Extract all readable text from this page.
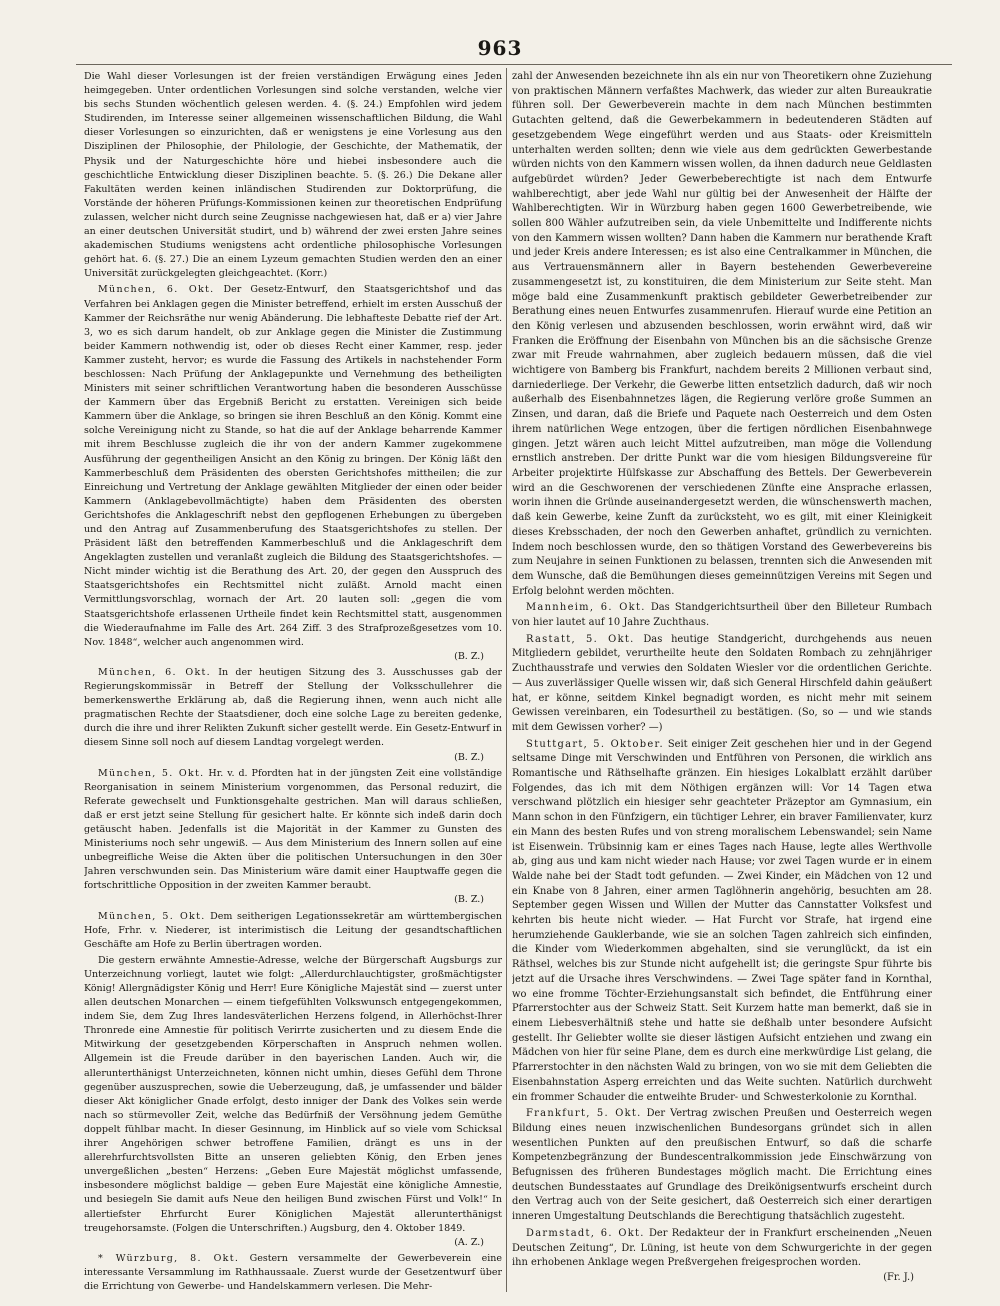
963

Die Wahl dieser Vorlesungen ist der freien verständigen Erwägung eines Jeden heimgegeben. Unter ordentlichen Vorlesungen sind solche verstanden, welche vier bis sechs Stunden wöchentlich gelesen werden. 4. (§. 24.) Empfohlen wird jedem Studirenden, im Interesse seiner allgemeinen wissenschaftlichen Bildung, die Wahl dieser Vorlesungen so einzurichten, daß er wenigstens je eine Vorlesung aus den Disziplinen der Philosophie, der Philologie, der Geschichte, der Mathematik, der Physik und der Naturgeschichte höre und hiebei insbesondere auch die geschichtliche Entwicklung dieser Disziplinen beachte. 5. (§. 26.) Die Dekane aller Fakultäten werden keinen inländischen Studirenden zur Doktorprüfung, die Vorstände der höheren Prüfungs-Kommissionen keinen zur theoretischen Endprüfung zulassen, welcher nicht durch seine Zeugnisse nachgewiesen hat, daß er a) vier Jahre an einer deutschen Universität studirt, und b) während der zwei ersten Jahre seines akademischen Studiums wenigstens acht ordentliche philosophische Vorlesungen gehört hat. 6. (§. 27.) Die an einem Lyzeum gemachten Studien werden den an einer Universität zurückgelegten gleichgeachtet. (Korr.)

München, 6. Okt. Der Gesetz-Entwurf, den Staatsgerichtshof und das Verfahren bei Anklagen gegen die Minister betreffend, erhielt im ersten Ausschuß der Kammer der Reichsräthe nur wenig Abänderung. Die lebhafteste Debatte rief der Art. 3, wo es sich darum handelt, ob zur Anklage gegen die Minister die Zustimmung beider Kammern nothwendig ist, oder ob dieses Recht einer Kammer, resp. jeder Kammer zusteht, hervor; es wurde die Fassung des Artikels in nachstehender Form beschlossen: Nach Prüfung der Anklagepunkte und Vernehmung des betheiligten Ministers mit seiner schriftlichen Verantwortung haben die besonderen Ausschüsse der Kammern über das Ergebniß Bericht zu erstatten. Vereinigen sich beide Kammern über die Anklage, so bringen sie ihren Beschluß an den König. Kommt eine solche Vereinigung nicht zu Stande, so hat die auf der Anklage beharrende Kammer mit ihrem Beschlusse zugleich die ihr von der andern Kammer zugekommene Ausführung der gegentheiligen Ansicht an den König zu bringen. Der König läßt den Kammerbeschluß dem Präsidenten des obersten Gerichtshofes mittheilen; die zur Einreichung und Vertretung der Anklage gewählten Mitglieder der einen oder beider Kammern (Anklagebevollmächtigte) haben dem Präsidenten des obersten Gerichtshofes die Anklageschrift nebst den gepflogenen Erhebungen zu übergeben und den Antrag auf Zusammenberufung des Staatsgerichtshofes zu stellen. Der Präsident läßt den betreffenden Kammerbeschluß und die Anklageschrift dem Angeklagten zustellen und veranlaßt zugleich die Bildung des Staatsgerichtshofes. — Nicht minder wichtig ist die Berathung des Art. 20, der gegen den Ausspruch des Staatsgerichtshofes ein Rechtsmittel nicht zuläßt. Arnold macht einen Vermittlungsvorschlag, wornach der Art. 20 lauten soll: „gegen die vom Staatsgerichtshofe erlassenen Urtheile findet kein Rechtsmittel statt, ausgenommen die Wiederaufnahme im Falle des Art. 264 Ziff. 3 des Strafprozeßgesetzes vom 10. Nov. 1848“, welcher auch angenommen wird.
(B. Z.)

München, 6. Okt. In der heutigen Sitzung des 3. Ausschusses gab der Regierungskommissär in Betreff der Stellung der Volksschullehrer die bemerkenswerthe Erklärung ab, daß die Regierung ihnen, wenn auch nicht alle pragmatischen Rechte der Staatsdiener, doch eine solche Lage zu bereiten gedenke, durch die ihre und ihrer Relikten Zukunft sicher gestellt werde. Ein Gesetz-Entwurf in diesem Sinne soll noch auf diesem Landtag vorgelegt werden.
(B. Z.)

München, 5. Okt. Hr. v. d. Pfordten hat in der jüngsten Zeit eine vollständige Reorganisation in seinem Ministerium vorgenommen, das Personal reduzirt, die Referate gewechselt und Funktionsgehalte gestrichen. Man will daraus schließen, daß er erst jetzt seine Stellung für gesichert halte. Er könnte sich indeß darin doch getäuscht haben. Jedenfalls ist die Majorität in der Kammer zu Gunsten des Ministeriums noch sehr ungewiß. — Aus dem Ministerium des Innern sollen auf eine unbegreifliche Weise die Akten über die politischen Untersuchungen in den 30er Jahren verschwunden sein. Das Ministerium wäre damit einer Hauptwaffe gegen die fortschrittliche Opposition in der zweiten Kammer beraubt.
(B. Z.)

München, 5. Okt. Dem seitherigen Legationssekretär am württembergischen Hofe, Frhr. v. Niederer, ist interimistisch die Leitung der gesandtschaftlichen Geschäfte am Hofe zu Berlin übertragen worden.

Die gestern erwähnte Amnestie-Adresse, welche der Bürgerschaft Augsburgs zur Unterzeichnung vorliegt, lautet wie folgt: „Allerdurchlauchtigster, großmächtigster König! Allergnädigster König und Herr! Eure Königliche Majestät sind — zuerst unter allen deutschen Monarchen — einem tiefgefühlten Volkswunsch entgegengekommen, indem Sie, dem Zug Ihres landesväterlichen Herzens folgend, in Allerhöchst-Ihrer Thronrede eine Amnestie für politisch Verirrte zusicherten und zu diesem Ende die Mitwirkung der gesetzgebenden Körperschaften in Anspruch nehmen wollen. Allgemein ist die Freude darüber in den bayerischen Landen. Auch wir, die allerunterthänigst Unterzeichneten, können nicht umhin, dieses Gefühl dem Throne gegenüber auszusprechen, sowie die Ueberzeugung, daß, je umfassender und bälder dieser Akt königlicher Gnade erfolgt, desto inniger der Dank des Volkes sein werde nach so stürmevoller Zeit, welche das Bedürfniß der Versöhnung jedem Gemüthe doppelt fühlbar macht. In dieser Gesinnung, im Hinblick auf so viele vom Schicksal ihrer Angehörigen schwer betroffene Familien, drängt es uns in der allerehrfurchtsvollsten Bitte an unseren geliebten König, den Erben jenes unvergeßlichen „besten“ Herzens: „Geben Eure Majestät möglichst umfassende, insbesondere möglichst baldige — geben Eure Majestät eine königliche Amnestie, und besiegeln Sie damit aufs Neue den heiligen Bund zwischen Fürst und Volk!“ In allertiefster Ehrfurcht Eurer Königlichen Majestät allerunterthänigst treugehorsamste. (Folgen die Unterschriften.) Augsburg, den 4. Oktober 1849.
(A. Z.)

* Würzburg, 8. Okt. Gestern versammelte der Gewerbeverein eine interessante Versammlung im Rathhaussaale. Zuerst wurde der Gesetzentwurf über die Errichtung von Gewerbe- und Handelskammern verlesen. Die Mehr-

zahl der Anwesenden bezeichnete ihn als ein nur von Theoretikern ohne Zuziehung von praktischen Männern verfaßtes Machwerk, das wieder zur alten Bureaukratie führen soll. Der Gewerbeverein machte in dem nach München bestimmten Gutachten geltend, daß die Gewerbekammern in bedeutenderen Städten auf gesetzgebendem Wege eingeführt werden und aus Staats- oder Kreismitteln unterhalten werden sollten; denn wie viele aus dem gedrückten Gewerbestande würden nichts von den Kammern wissen wollen, da ihnen dadurch neue Geldlasten aufgebürdet würden? Jeder Gewerbeberechtigte ist nach dem Entwurfe wahlberechtigt, aber jede Wahl nur gültig bei der Anwesenheit der Hälfte der Wahlberechtigten. Wir in Würzburg haben gegen 1600 Gewerbetreibende, wie sollen 800 Wähler aufzutreiben sein, da viele Unbemittelte und Indifferente nichts von den Kammern wissen wollten? Dann haben die Kammern nur berathende Kraft und jeder Kreis andere Interessen; es ist also eine Centralkammer in München, die aus Vertrauensmännern aller in Bayern bestehenden Gewerbevereine zusammengesetzt ist, zu konstituiren, die dem Ministerium zur Seite steht. Man möge bald eine Zusammenkunft praktisch gebildeter Gewerbetreibender zur Berathung eines neuen Entwurfes zusammenrufen. Hierauf wurde eine Petition an den König verlesen und abzusenden beschlossen, worin erwähnt wird, daß wir Franken die Eröffnung der Eisenbahn von München bis an die sächsische Grenze zwar mit Freude wahrnahmen, aber zugleich bedauern müssen, daß die viel wichtigere von Bamberg bis Frankfurt, nachdem bereits 2 Millionen verbaut sind, darniederliege. Der Verkehr, die Gewerbe litten entsetzlich dadurch, daß wir noch außerhalb des Eisenbahnnetzes lägen, die Regierung verlöre große Summen an Zinsen, und daran, daß die Briefe und Paquete nach Oesterreich und dem Osten ihrem natürlichen Wege entzogen, über die fertigen nördlichen Eisenbahnwege gingen. Jetzt wären auch leicht Mittel aufzutreiben, man möge die Vollendung ernstlich anstreben. Der dritte Punkt war die vom hiesigen Bildungsvereine für Arbeiter projektirte Hülfskasse zur Abschaffung des Bettels. Der Gewerbeverein wird an die Geschworenen der verschiedenen Zünfte eine Ansprache erlassen, worin ihnen die Gründe auseinandergesetzt werden, die wünschenswerth machen, daß kein Gewerbe, keine Zunft da zurücksteht, wo es gilt, mit einer Kleinigkeit dieses Krebsschaden, der noch den Gewerben anhaftet, gründlich zu vernichten. Indem noch beschlossen wurde, den so thätigen Vorstand des Gewerbevereins bis zum Neujahre in seinen Funktionen zu belassen, trennten sich die Anwesenden mit dem Wunsche, daß die Bemühungen dieses gemeinnützigen Vereins mit Segen und Erfolg belohnt werden möchten.

Mannheim, 6. Okt. Das Standgerichtsurtheil über den Billeteur Rumbach von hier lautet auf 10 Jahre Zuchthaus.

Rastatt, 5. Okt. Das heutige Standgericht, durchgehends aus neuen Mitgliedern gebildet, verurtheilte heute den Soldaten Rombach zu zehnjähriger Zuchthausstrafe und verwies den Soldaten Wiesler vor die ordentlichen Gerichte. — Aus zuverlässiger Quelle wissen wir, daß sich General Hirschfeld dahin geäußert hat, er könne, seitdem Kinkel begnadigt worden, es nicht mehr mit seinem Gewissen vereinbaren, ein Todesurtheil zu bestätigen. (So, so — und wie stands mit dem Gewissen vorher? —)

Stuttgart, 5. Oktober. Seit einiger Zeit geschehen hier und in der Gegend seltsame Dinge mit Verschwinden und Entführen von Personen, die wirklich ans Romantische und Räthselhafte gränzen. Ein hiesiges Lokalblatt erzählt darüber Folgendes, das ich mit dem Nöthigen ergänzen will: Vor 14 Tagen etwa verschwand plötzlich ein hiesiger sehr geachteter Präzeptor am Gymnasium, ein Mann schon in den Fünfzigern, ein tüchtiger Lehrer, ein braver Familienvater, kurz ein Mann des besten Rufes und von streng moralischem Lebenswandel; sein Name ist Eisenwein. Trübsinnig kam er eines Tages nach Hause, legte alles Werthvolle ab, ging aus und kam nicht wieder nach Hause; vor zwei Tagen wurde er in einem Walde nahe bei der Stadt todt gefunden. — Zwei Kinder, ein Mädchen von 12 und ein Knabe von 8 Jahren, einer armen Taglöhnerin angehörig, besuchten am 28. September gegen Wissen und Willen der Mutter das Cannstatter Volksfest und kehrten bis heute nicht wieder. — Hat Furcht vor Strafe, hat irgend eine herumziehende Gauklerbande, wie sie an solchen Tagen zahlreich sich einfinden, die Kinder vom Wiederkommen abgehalten, sind sie verunglückt, da ist ein Räthsel, welches bis zur Stunde nicht aufgehellt ist; die geringste Spur führte bis jetzt auf die Ursache ihres Verschwindens. — Zwei Tage später fand in Kornthal, wo eine fromme Töchter-Erziehungsanstalt sich befindet, die Entführung einer Pfarrerstochter aus der Schweiz Statt. Seit Kurzem hatte man bemerkt, daß sie in einem Liebesverhältniß stehe und hatte sie deßhalb unter besondere Aufsicht gestellt. Ihr Geliebter wollte sie dieser lästigen Aufsicht entziehen und zwang ein Mädchen von hier für seine Plane, dem es durch eine merkwürdige List gelang, die Pfarrerstochter in den nächsten Wald zu bringen, von wo sie mit dem Geliebten die Eisenbahnstation Asperg erreichten und das Weite suchten. Natürlich durchweht ein frommer Schauder die entweihte Bruder- und Schwesterkolonie zu Kornthal.

Frankfurt, 5. Okt. Der Vertrag zwischen Preußen und Oesterreich wegen Bildung eines neuen inzwischenlichen Bundesorgans gründet sich in allen wesentlichen Punkten auf den preußischen Entwurf, so daß die scharfe Kompetenzbegränzung der Bundescentralkommission jede Einschwärzung von Befugnissen des früheren Bundestages möglich macht. Die Errichtung eines deutschen Bundesstaates auf Grundlage des Dreikönigsentwurfs erscheint durch den Vertrag auch von der Seite gesichert, daß Oesterreich sich einer derartigen inneren Umgestaltung Deutschlands die Berechtigung thatsächlich zugesteht.

Darmstadt, 6. Okt. Der Redakteur der in Frankfurt erscheinenden „Neuen Deutschen Zeitung“, Dr. Lüning, ist heute von dem Schwurgerichte in der gegen ihn erhobenen Anklage wegen Preßvergehen freigesprochen worden.
(Fr. J.)
